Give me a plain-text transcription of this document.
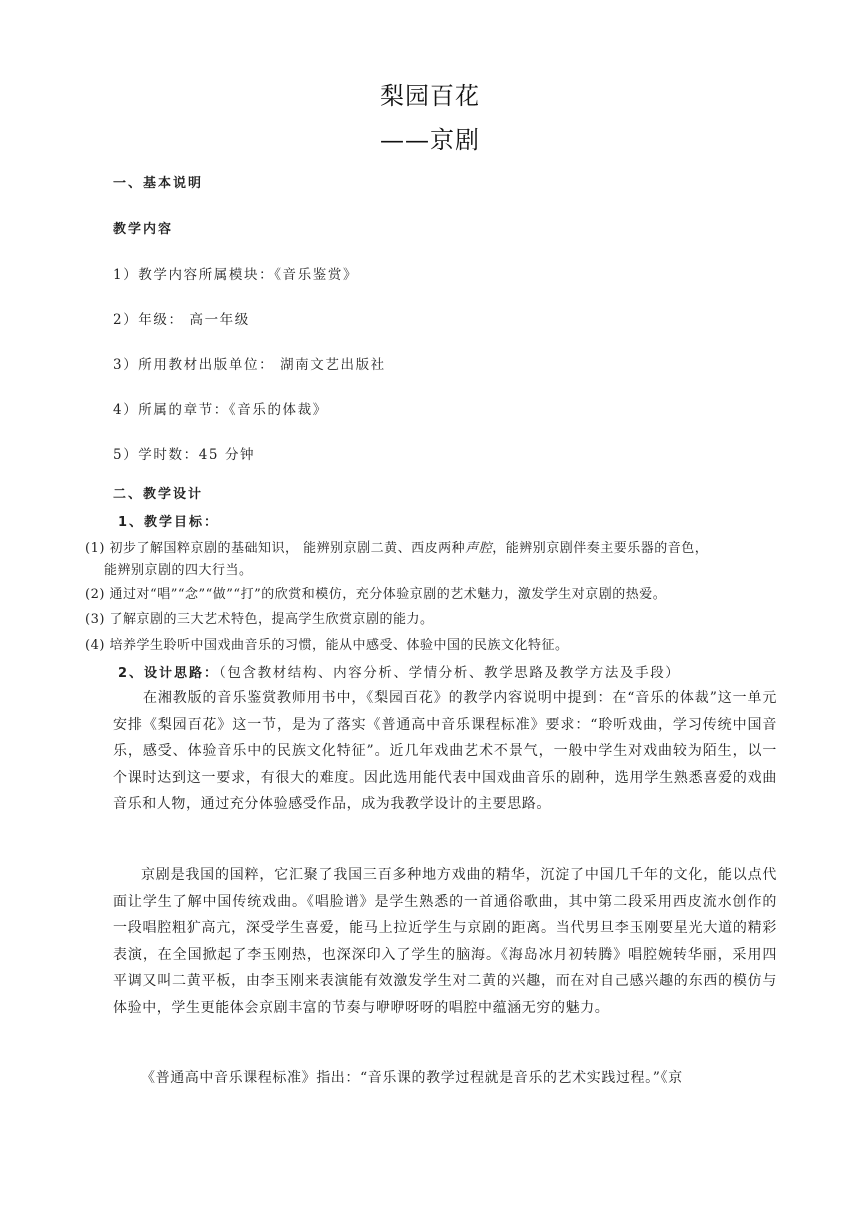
梨园百花
——京剧
一、基本说明
教学内容
1）教学内容所属模块：《音乐鉴赏》
2）年级： 高一年级
3）所用教材出版单位： 湖南文艺出版社
4）所属的章节：《音乐的体裁》
5）学时数：45 分钟
二、教学设计
1、教学目标：
(1) 初步了解国粹京剧的基础知识， 能辨别京剧二黄、西皮两种声腔，能辨别京剧伴奏主要乐器的音色，
能辨别京剧的四大行当。
(2) 通过对“唱”“念”“做”“打”的欣赏和模仿，充分体验京剧的艺术魅力，激发学生对京剧的热爱。
(3) 了解京剧的三大艺术特色，提高学生欣赏京剧的能力。
(4) 培养学生聆听中国戏曲音乐的习惯，能从中感受、体验中国的民族文化特征。
2、设计思路：（包含教材结构、内容分析、学情分析、教学思路及教学方法及手段）
在湘教版的音乐鉴赏教师用书中，《梨园百花》的教学内容说明中提到：在“音乐的体裁”这一单元安排《梨园百花》这一节，是为了落实《普通高中音乐课程标准》要求：“聆听戏曲，学习传统中国音乐，感受、体验音乐中的民族文化特征”。近几年戏曲艺术不景气，一般中学生对戏曲较为陌生，以一个课时达到这一要求，有很大的难度。因此选用能代表中国戏曲音乐的剧种，选用学生熟悉喜爱的戏曲音乐和人物，通过充分体验感受作品，成为我教学设计的主要思路。
京剧是我国的国粹，它汇聚了我国三百多种地方戏曲的精华，沉淀了中国几千年的文化，能以点代面让学生了解中国传统戏曲。《唱脸谱》是学生熟悉的一首通俗歌曲，其中第二段采用西皮流水创作的一段唱腔粗犷高亢，深受学生喜爱，能马上拉近学生与京剧的距离。当代男旦李玉刚要星光大道的精彩表演，在全国掀起了李玉刚热，也深深印入了学生的脑海。《海岛冰月初转腾》唱腔婉转华丽，采用四平调又叫二黄平板，由李玉刚来表演能有效激发学生对二黄的兴趣，而在对自己感兴趣的东西的模仿与体验中，学生更能体会京剧丰富的节奏与咿咿呀呀的唱腔中蕴涵无穷的魅力。
《普通高中音乐课程标准》指出：“音乐课的教学过程就是音乐的艺术实践过程。”《京
